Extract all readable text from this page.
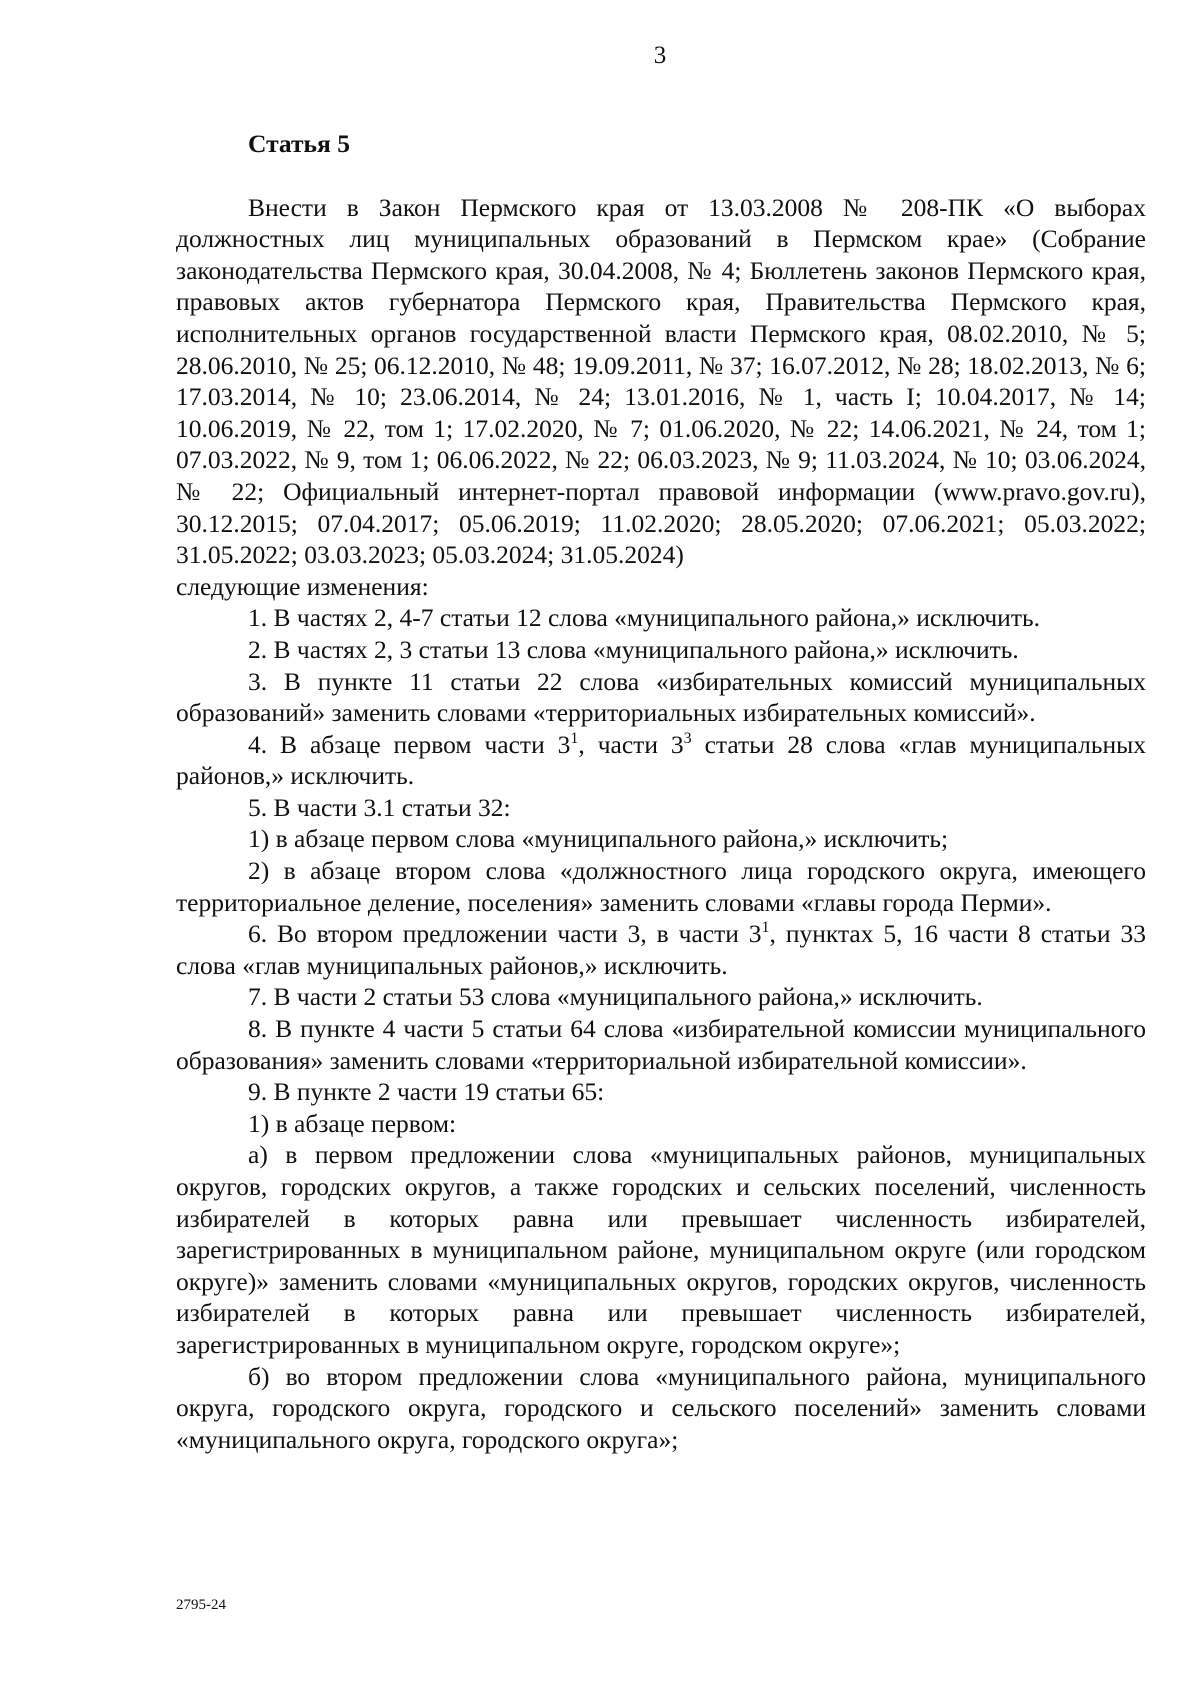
3

Статья 5

Внести в Закон Пермского края от 13.03.2008 № 208-ПК «О выборах должностных лиц муниципальных образований в Пермском крае» (Собрание законодательства Пермского края, 30.04.2008, № 4; Бюллетень законов Пермского края, правовых актов губернатора Пермского края, Правительства Пермского края, исполнительных органов государственной власти Пермского края, 08.02.2010, № 5; 28.06.2010, № 25; 06.12.2010, № 48; 19.09.2011, № 37; 16.07.2012, № 28; 18.02.2013, № 6; 17.03.2014, № 10; 23.06.2014, № 24; 13.01.2016, № 1, часть I; 10.04.2017, № 14; 10.06.2019, № 22, том 1; 17.02.2020, № 7; 01.06.2020, № 22; 14.06.2021, № 24, том 1; 07.03.2022, № 9, том 1; 06.06.2022, № 22; 06.03.2023, № 9; 11.03.2024, № 10; 03.06.2024, № 22; Официальный интернет-портал правовой информации (www.pravo.gov.ru), 30.12.2015; 07.04.2017; 05.06.2019; 11.02.2020; 28.05.2020; 07.06.2021; 05.03.2022; 31.05.2022; 03.03.2023; 05.03.2024; 31.05.2024)

следующие изменения:

1. В частях 2, 4-7 статьи 12 слова «муниципального района,» исключить.

2. В частях 2, 3 статьи 13 слова «муниципального района,» исключить.

3. В пункте 11 статьи 22 слова «избирательных комиссий муниципальных образований» заменить словами «территориальных избирательных комиссий».

4. В абзаце первом части $3^1$, части $3^3$ статьи 28 слова «глав муниципальных районов,» исключить.

5. В части 3.1 статьи 32:

1) в абзаце первом слова «муниципального района,» исключить;

2) в абзаце втором слова «должностного лица городского округа, имеющего территориальное деление, поселения» заменить словами «главы города Перми».

6. Во втором предложении части 3, в части $3^1$, пунктах 5, 16 части 8 статьи 33 слова «глав муниципальных районов,» исключить.

7. В части 2 статьи 53 слова «муниципального района,» исключить.

8. В пункте 4 части 5 статьи 64 слова «избирательной комиссии муниципального образования» заменить словами «территориальной избирательной комиссии».

9. В пункте 2 части 19 статьи 65:

1) в абзаце первом:

а) в первом предложении слова «муниципальных районов, муниципальных округов, городских округов, а также городских и сельских поселений, численность избирателей в которых равна или превышает численность избирателей, зарегистрированных в муниципальном районе, муниципальном округе (или городском округе)» заменить словами «муниципальных округов, городских округов, численность избирателей в которых равна или превышает численность избирателей, зарегистрированных в муниципальном округе, городском округе»;

б) во втором предложении слова «муниципального района, муниципального округа, городского округа, городского и сельского поселений» заменить словами «муниципального округа, городского округа»;

2795-24
